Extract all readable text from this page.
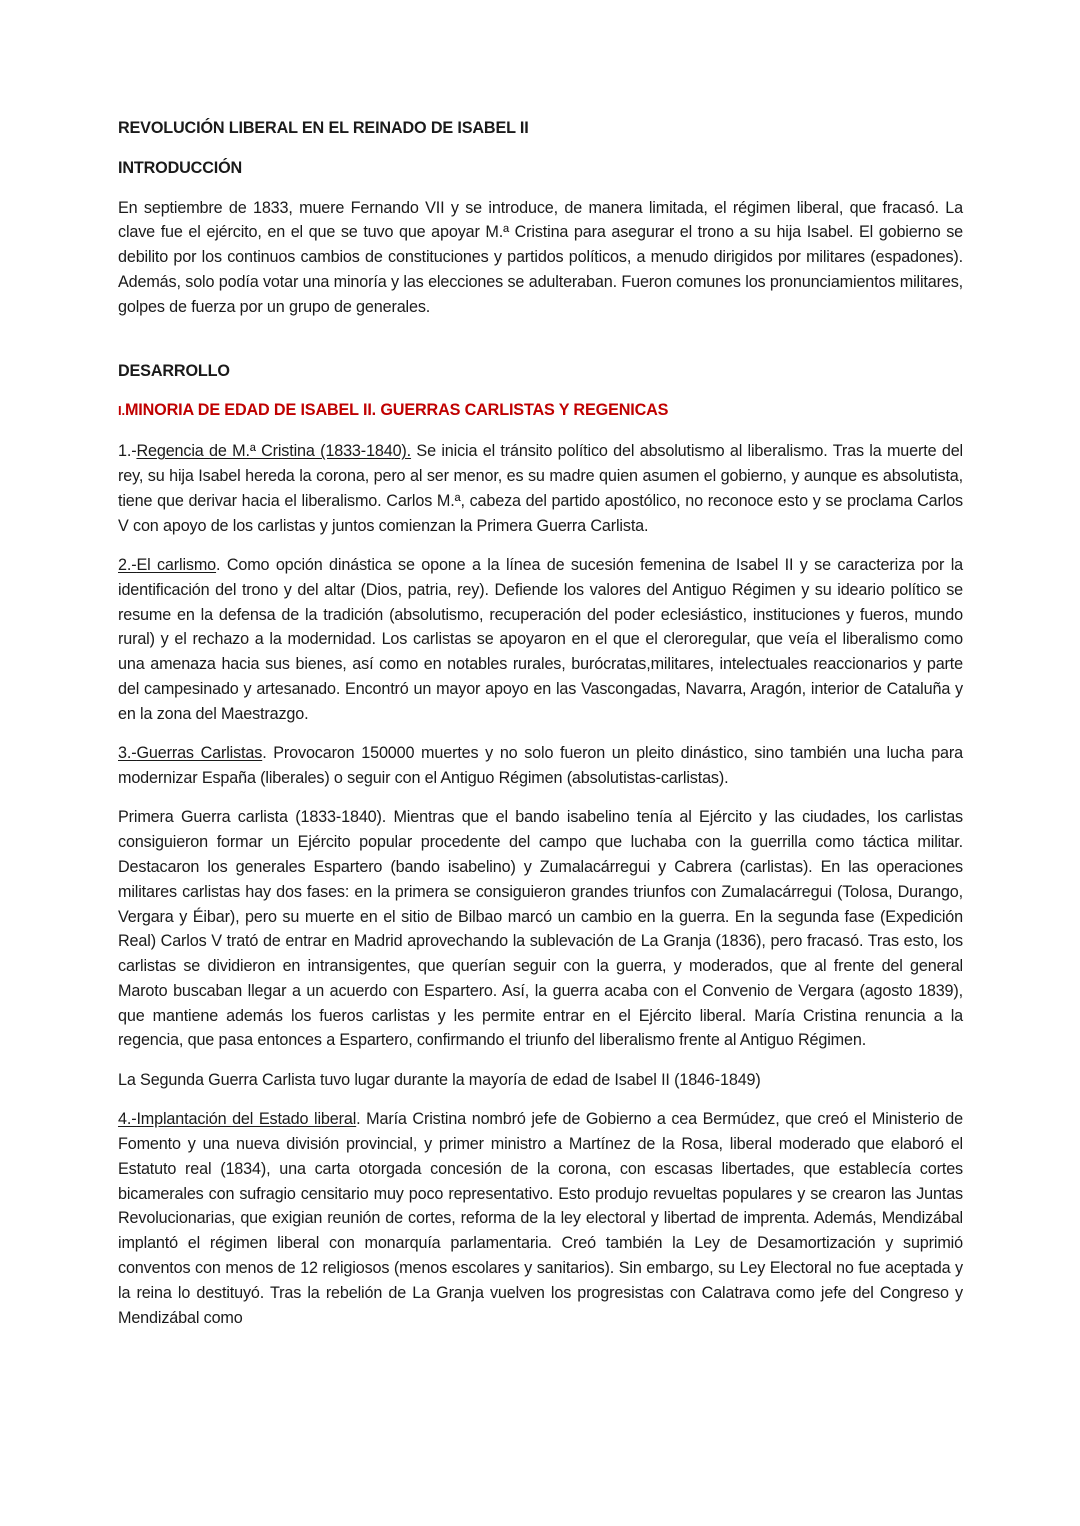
REVOLUCIÓN LIBERAL EN EL REINADO DE ISABEL II
INTRODUCCIÓN

En septiembre de 1833, muere Fernando VII y se introduce, de manera limitada, el régimen liberal, que fracasó. La clave fue el ejército, en el que se tuvo que apoyar M.ª Cristina para asegurar el trono a su hija Isabel. El gobierno se debilito por los continuos cambios de constituciones y partidos políticos, a menudo dirigidos por militares (espadones). Además, solo podía votar una minoría y las elecciones se adulteraban. Fueron comunes los pronunciamientos militares, golpes de fuerza por un grupo de generales.

DESARROLLO
I.MINORIA DE EDAD DE ISABEL II. GUERRAS CARLISTAS Y REGENICAS

1.-Regencia de M.ª Cristina (1833-1840). Se inicia el tránsito político del absolutismo al liberalismo. Tras la muerte del rey, su hija Isabel hereda la corona, pero al ser menor, es su madre quien asumen el gobierno, y aunque es absolutista, tiene que derivar hacia el liberalismo. Carlos M.ª, cabeza del partido apostólico, no reconoce esto y se proclama Carlos V con apoyo de los carlistas y juntos comienzan la Primera Guerra Carlista.

2.-El carlismo. Como opción dinástica se opone a la línea de sucesión femenina de Isabel II y se caracteriza por la identificación del trono y del altar (Dios, patria, rey). Defiende los valores del Antiguo Régimen y su ideario político se resume en la defensa de la tradición (absolutismo, recuperación del poder eclesiástico, instituciones y fueros, mundo rural) y el rechazo a la modernidad. Los carlistas se apoyaron en el que el cleroregular, que veía el liberalismo como una amenaza hacia sus bienes, así como en notables rurales, burócratas,militares, intelectuales reaccionarios y parte del campesinado y artesanado. Encontró un mayor apoyo en las Vascongadas, Navarra, Aragón, interior de Cataluña y en la zona del Maestrazgo.

3.-Guerras Carlistas. Provocaron 150000 muertes y no solo fueron un pleito dinástico, sino también una lucha para modernizar España (liberales) o seguir con el Antiguo Régimen (absolutistas-carlistas).

Primera Guerra carlista (1833-1840). Mientras que el bando isabelino tenía al Ejército y las ciudades, los carlistas consiguieron formar un Ejército popular procedente del campo que luchaba con la guerrilla como táctica militar. Destacaron los generales Espartero (bando isabelino) y Zumalacárregui y Cabrera (carlistas). En las operaciones militares carlistas hay dos fases: en la primera se consiguieron grandes triunfos con Zumalacárregui (Tolosa, Durango, Vergara y Éibar), pero su muerte en el sitio de Bilbao marcó un cambio en la guerra. En la segunda fase (Expedición Real) Carlos V trató de entrar en Madrid aprovechando la sublevación de La Granja (1836), pero fracasó. Tras esto, los carlistas se dividieron en intransigentes, que querían seguir con la guerra, y moderados, que al frente del general Maroto buscaban llegar a un acuerdo con Espartero. Así, la guerra acaba con el Convenio de Vergara (agosto 1839), que mantiene además los fueros carlistas y les permite entrar en el Ejército liberal. María Cristina renuncia a la regencia, que pasa entonces a Espartero, confirmando el triunfo del liberalismo frente al Antiguo Régimen.

La Segunda Guerra Carlista tuvo lugar durante la mayoría de edad de Isabel II (1846-1849)

4.-Implantación del Estado liberal. María Cristina nombró jefe de Gobierno a cea Bermúdez, que creó el Ministerio de Fomento y una nueva división provincial, y primer ministro a Martínez de la Rosa, liberal moderado que elaboró el Estatuto real (1834), una carta otorgada concesión de la corona, con escasas libertades, que establecía cortes bicamerales con sufragio censitario muy poco representativo. Esto produjo revueltas populares y se crearon las Juntas Revolucionarias, que exigian reunión de cortes, reforma de la ley electoral y libertad de imprenta. Además, Mendizábal implantó el régimen liberal con monarquía parlamentaria. Creó también la Ley de Desamortización y suprimió conventos con menos de 12 religiosos (menos escolares y sanitarios). Sin embargo, su Ley Electoral no fue aceptada y la reina lo destituyó. Tras la rebelión de La Granja vuelven los progresistas con Calatrava como jefe del Congreso y Mendizábal como
